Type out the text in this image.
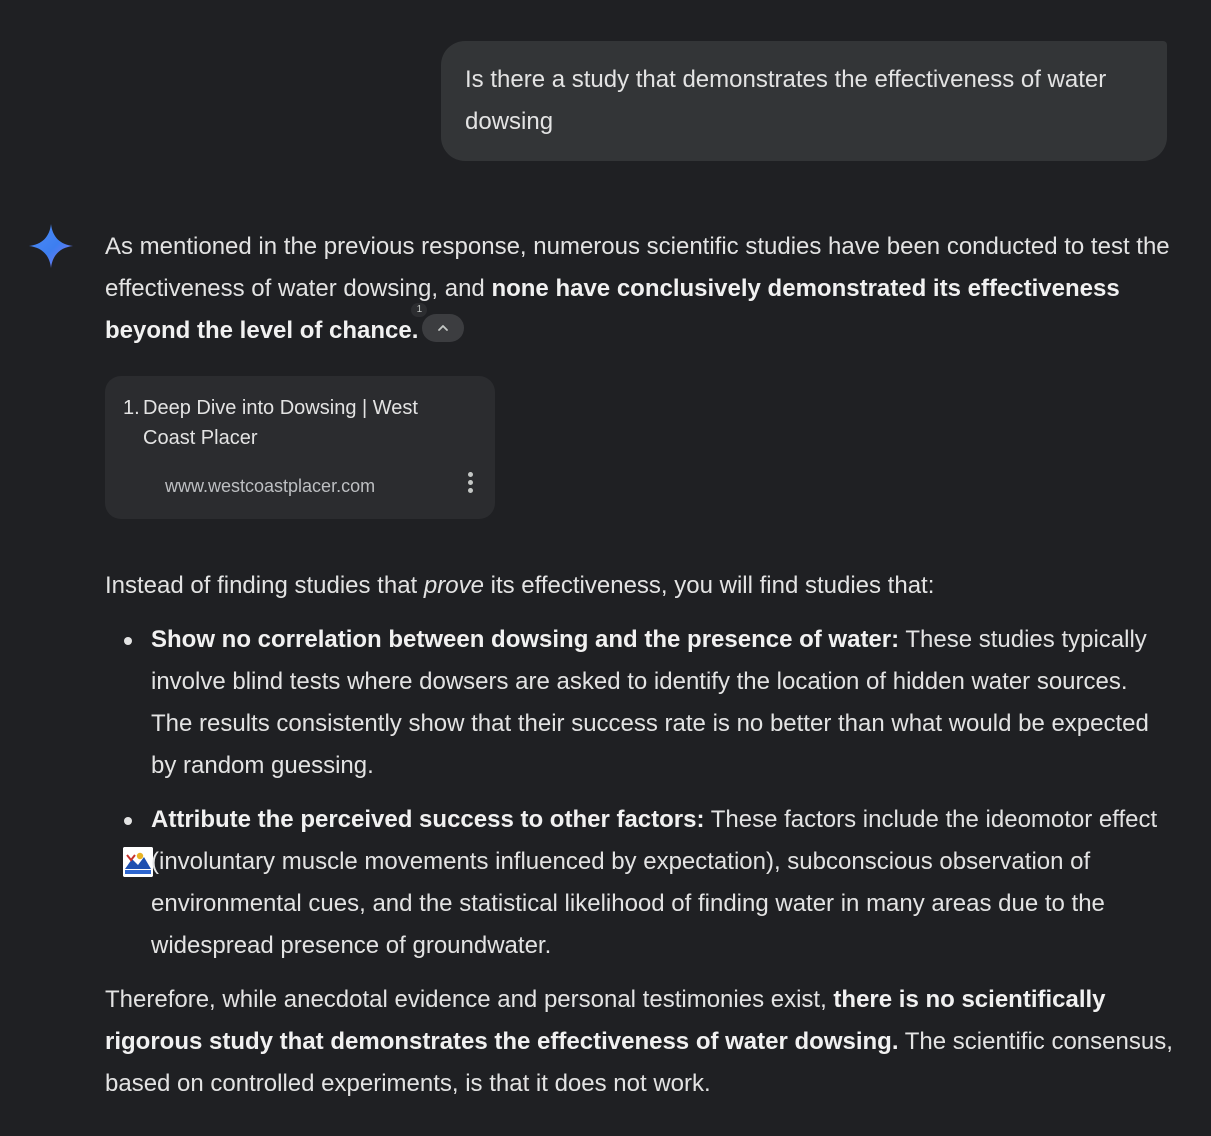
Is there a study that demonstrates the effectiveness of water dowsing

As mentioned in the previous response, numerous scientific studies have been conducted to test the effectiveness of water dowsing, and none have conclusively demonstrated its effectiveness beyond the level of chance.
1

1. Deep Dive into Dowsing | West Coast Placer
www.westcoastplacer.com

Instead of finding studies that prove its effectiveness, you will find studies that:

Show no correlation between dowsing and the presence of water: These studies typically involve blind tests where dowsers are asked to identify the location of hidden water sources. The results consistently show that their success rate is no better than what would be expected by random guessing.
Attribute the perceived success to other factors: These factors include the ideomotor effect (involuntary muscle movements influenced by expectation), subconscious observation of environmental cues, and the statistical likelihood of finding water in many areas due to the widespread presence of groundwater.

Therefore, while anecdotal evidence and personal testimonies exist, there is no scientifically rigorous study that demonstrates the effectiveness of water dowsing. The scientific consensus, based on controlled experiments, is that it does not work.
